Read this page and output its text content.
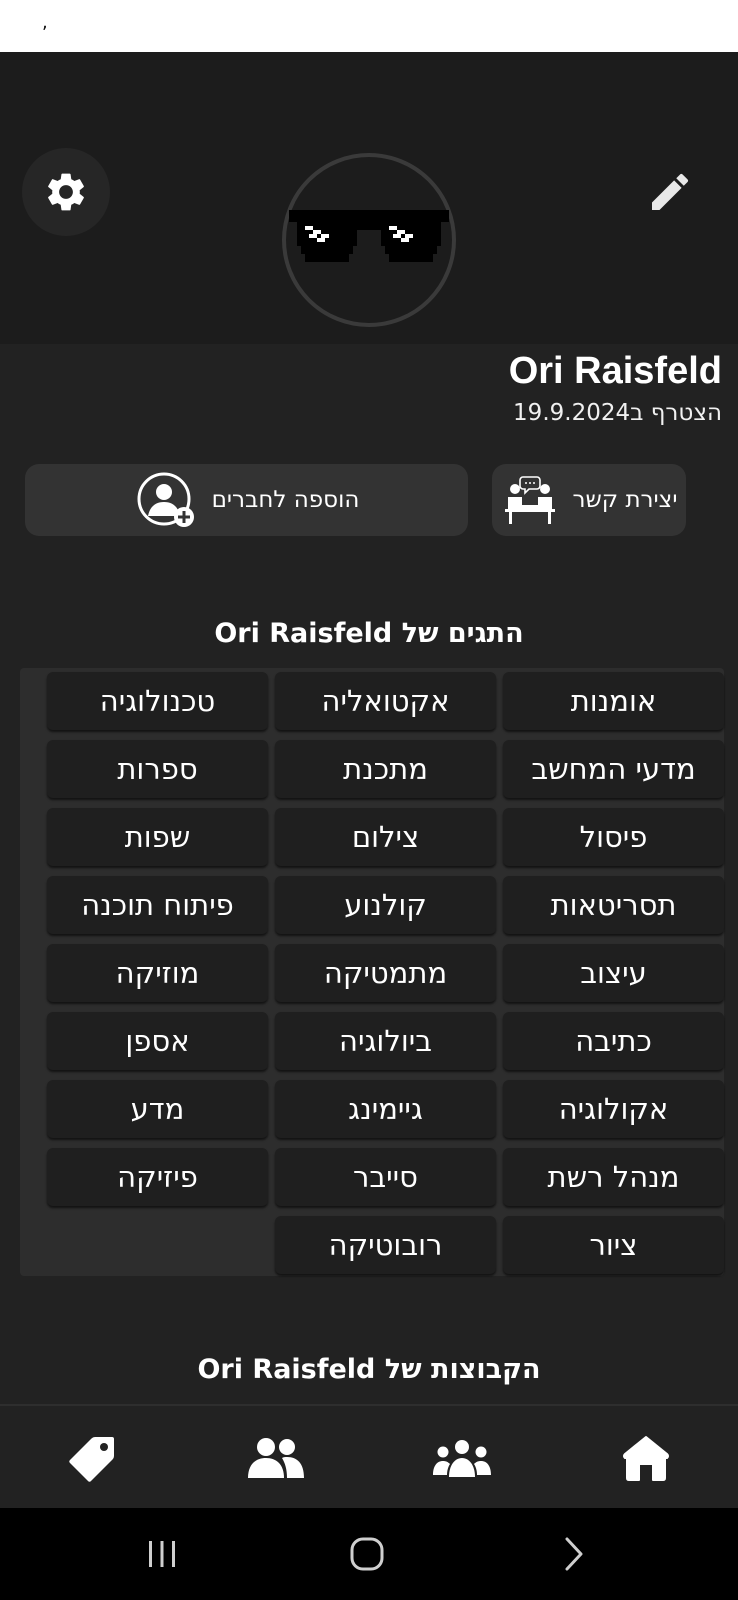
,
Ori Raisfeld
הצטרף ב19.9.2024
יצירת קשר
הוספה לחברים
התגים של Ori Raisfeld
אומנות
אקטואליה
טכנולוגיה
מדעי המחשב
מתכנת
ספרות
פיסול
צילום
שפות
תסריטאות
קולנוע
פיתוח תוכנה
עיצוב
מתמטיקה
מוזיקה
כתיבה
ביולוגיה
אספן
אקולוגיה
גיימינג
מדע
מנהל רשת
סייבר
פיזיקה
ציור
רובוטיקה
הקבוצות של Ori Raisfeld
